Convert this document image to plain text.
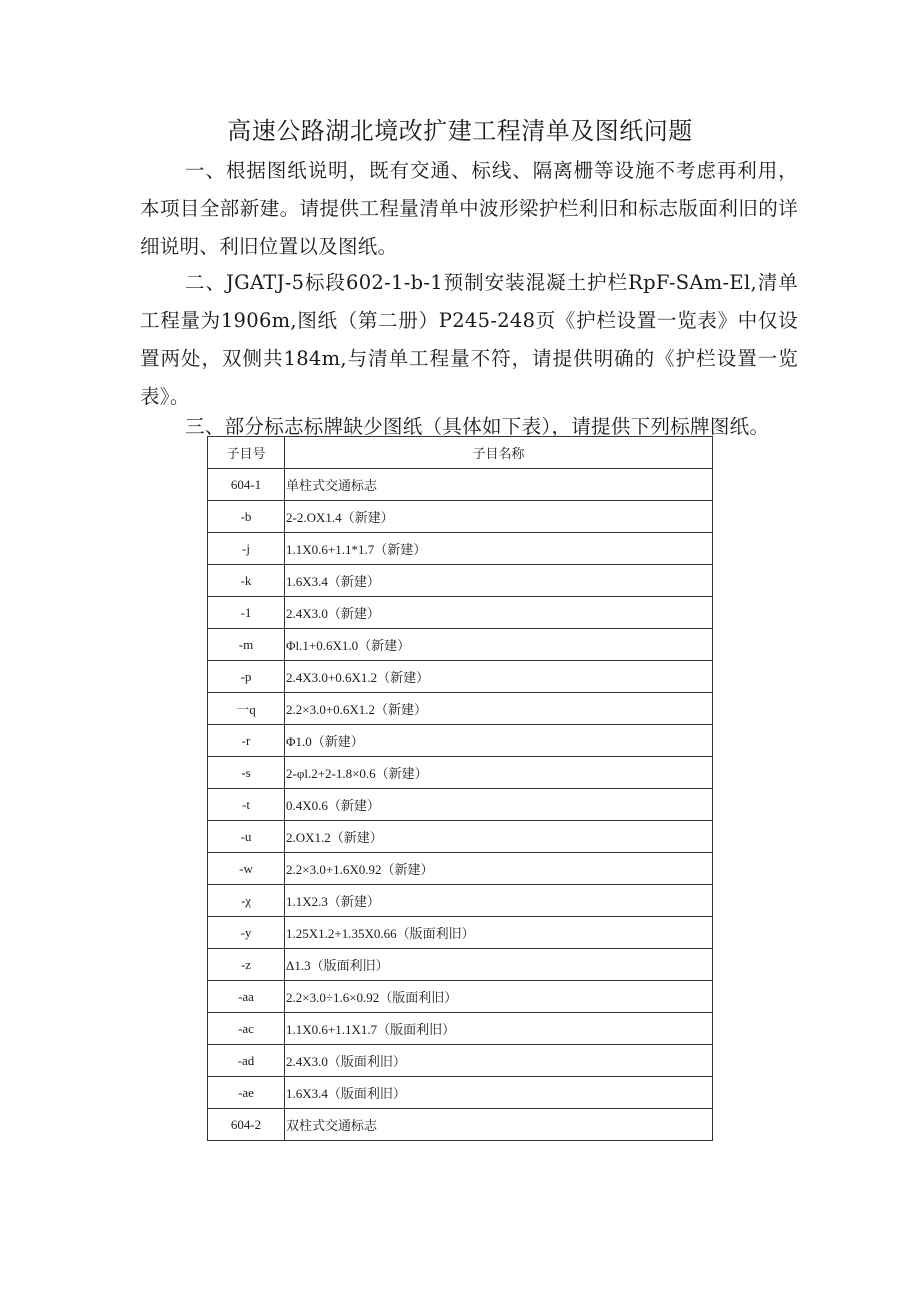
高速公路湖北境改扩建工程清单及图纸问题
一、根据图纸说明，既有交通、标线、隔离栅等设施不考虑再利用，本项目全部新建。请提供工程量清单中波形梁护栏利旧和标志版面利旧的详细说明、利旧位置以及图纸。
二、JGATJ-5标段602-1-b-1预制安装混凝土护栏RpF-SAm-El,清单工程量为1906m,图纸（第二册）P245-248页《护栏设置一览表》中仅设置两处，双侧共184m,与清单工程量不符，请提供明确的《护栏设置一览表》。
三、部分标志标牌缺少图纸（具体如下表），请提供下列标牌图纸。
子目号	子目名称
604-1	单柱式交通标志
-b	2-2.OX1.4（新建）
-j	1.1X0.6+1.1*1.7（新建）
-k	1.6X3.4（新建）
-1	2.4X3.0（新建）
-m	Φl.1+0.6X1.0（新建）
-p	2.4X3.0+0.6X1.2（新建）
一q	2.2×3.0+0.6X1.2（新建）
-r	Φ1.0（新建）
-s	2-φl.2+2-1.8×0.6（新建）
-t	0.4X0.6（新建）
-u	2.OX1.2（新建）
-w	2.2×3.0+1.6X0.92（新建）
-χ	1.1X2.3（新建）
-y	1.25X1.2+1.35X0.66（版面利旧）
-z	Δ1.3（版面利旧）
-aa	2.2×3.0÷1.6×0.92（版面利旧）
-ac	1.1X0.6+1.1X1.7（版面利旧）
-ad	2.4X3.0（版面利旧）
-ae	1.6X3.4（版面利旧）
604-2	双柱式交通标志
